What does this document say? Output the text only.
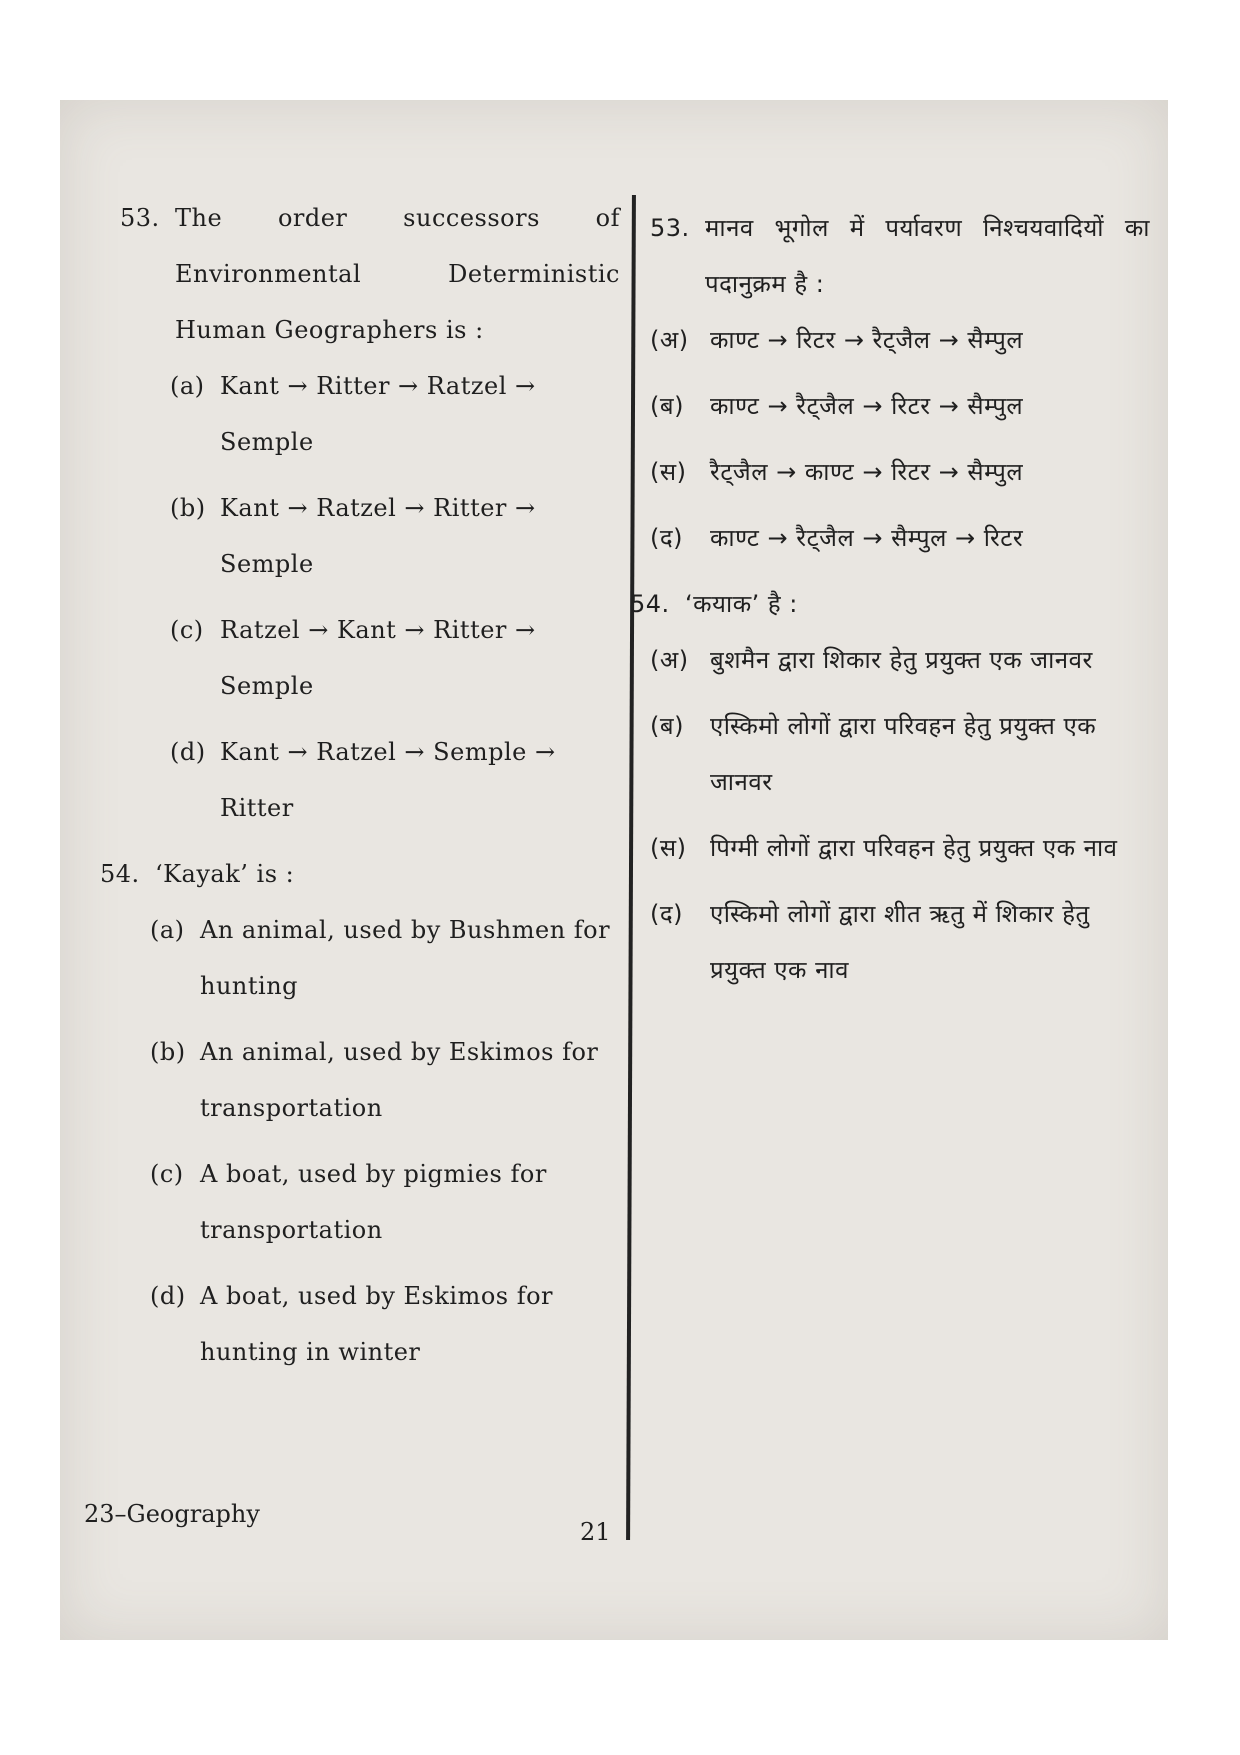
53. The order successors of Environmental Deterministic Human Geographers is :
(a) Kant → Ritter → Ratzel → Semple
(b) Kant → Ratzel → Ritter → Semple
(c) Ratzel → Kant → Ritter → Semple
(d) Kant → Ratzel → Semple → Ritter
54. ‘Kayak’ is :
(a) An animal, used by Bushmen for hunting
(b) An animal, used by Eskimos for transportation
(c) A boat, used by pigmies for transportation
(d) A boat, used by Eskimos for hunting in winter
53. मानव भूगोल में पर्यावरण निश्चयवादियों का पदानुक्रम है :
(अ) काण्ट → रिटर → रैट्जैल → सैम्पुल
(ब) काण्ट → रैट्जैल → रिटर → सैम्पुल
(स) रैट्जैल → काण्ट → रिटर → सैम्पुल
(द) काण्ट → रैट्जैल → सैम्पुल → रिटर
54. ‘कयाक’ है :
(अ) बुशमैन द्वारा शिकार हेतु प्रयुक्त एक जानवर
(ब) एस्किमो लोगों द्वारा परिवहन हेतु प्रयुक्त एक जानवर
(स) पिग्मी लोगों द्वारा परिवहन हेतु प्रयुक्त एक नाव
(द) एस्किमो लोगों द्वारा शीत ऋतु में शिकार हेतु प्रयुक्त एक नाव
23–Geography
21
